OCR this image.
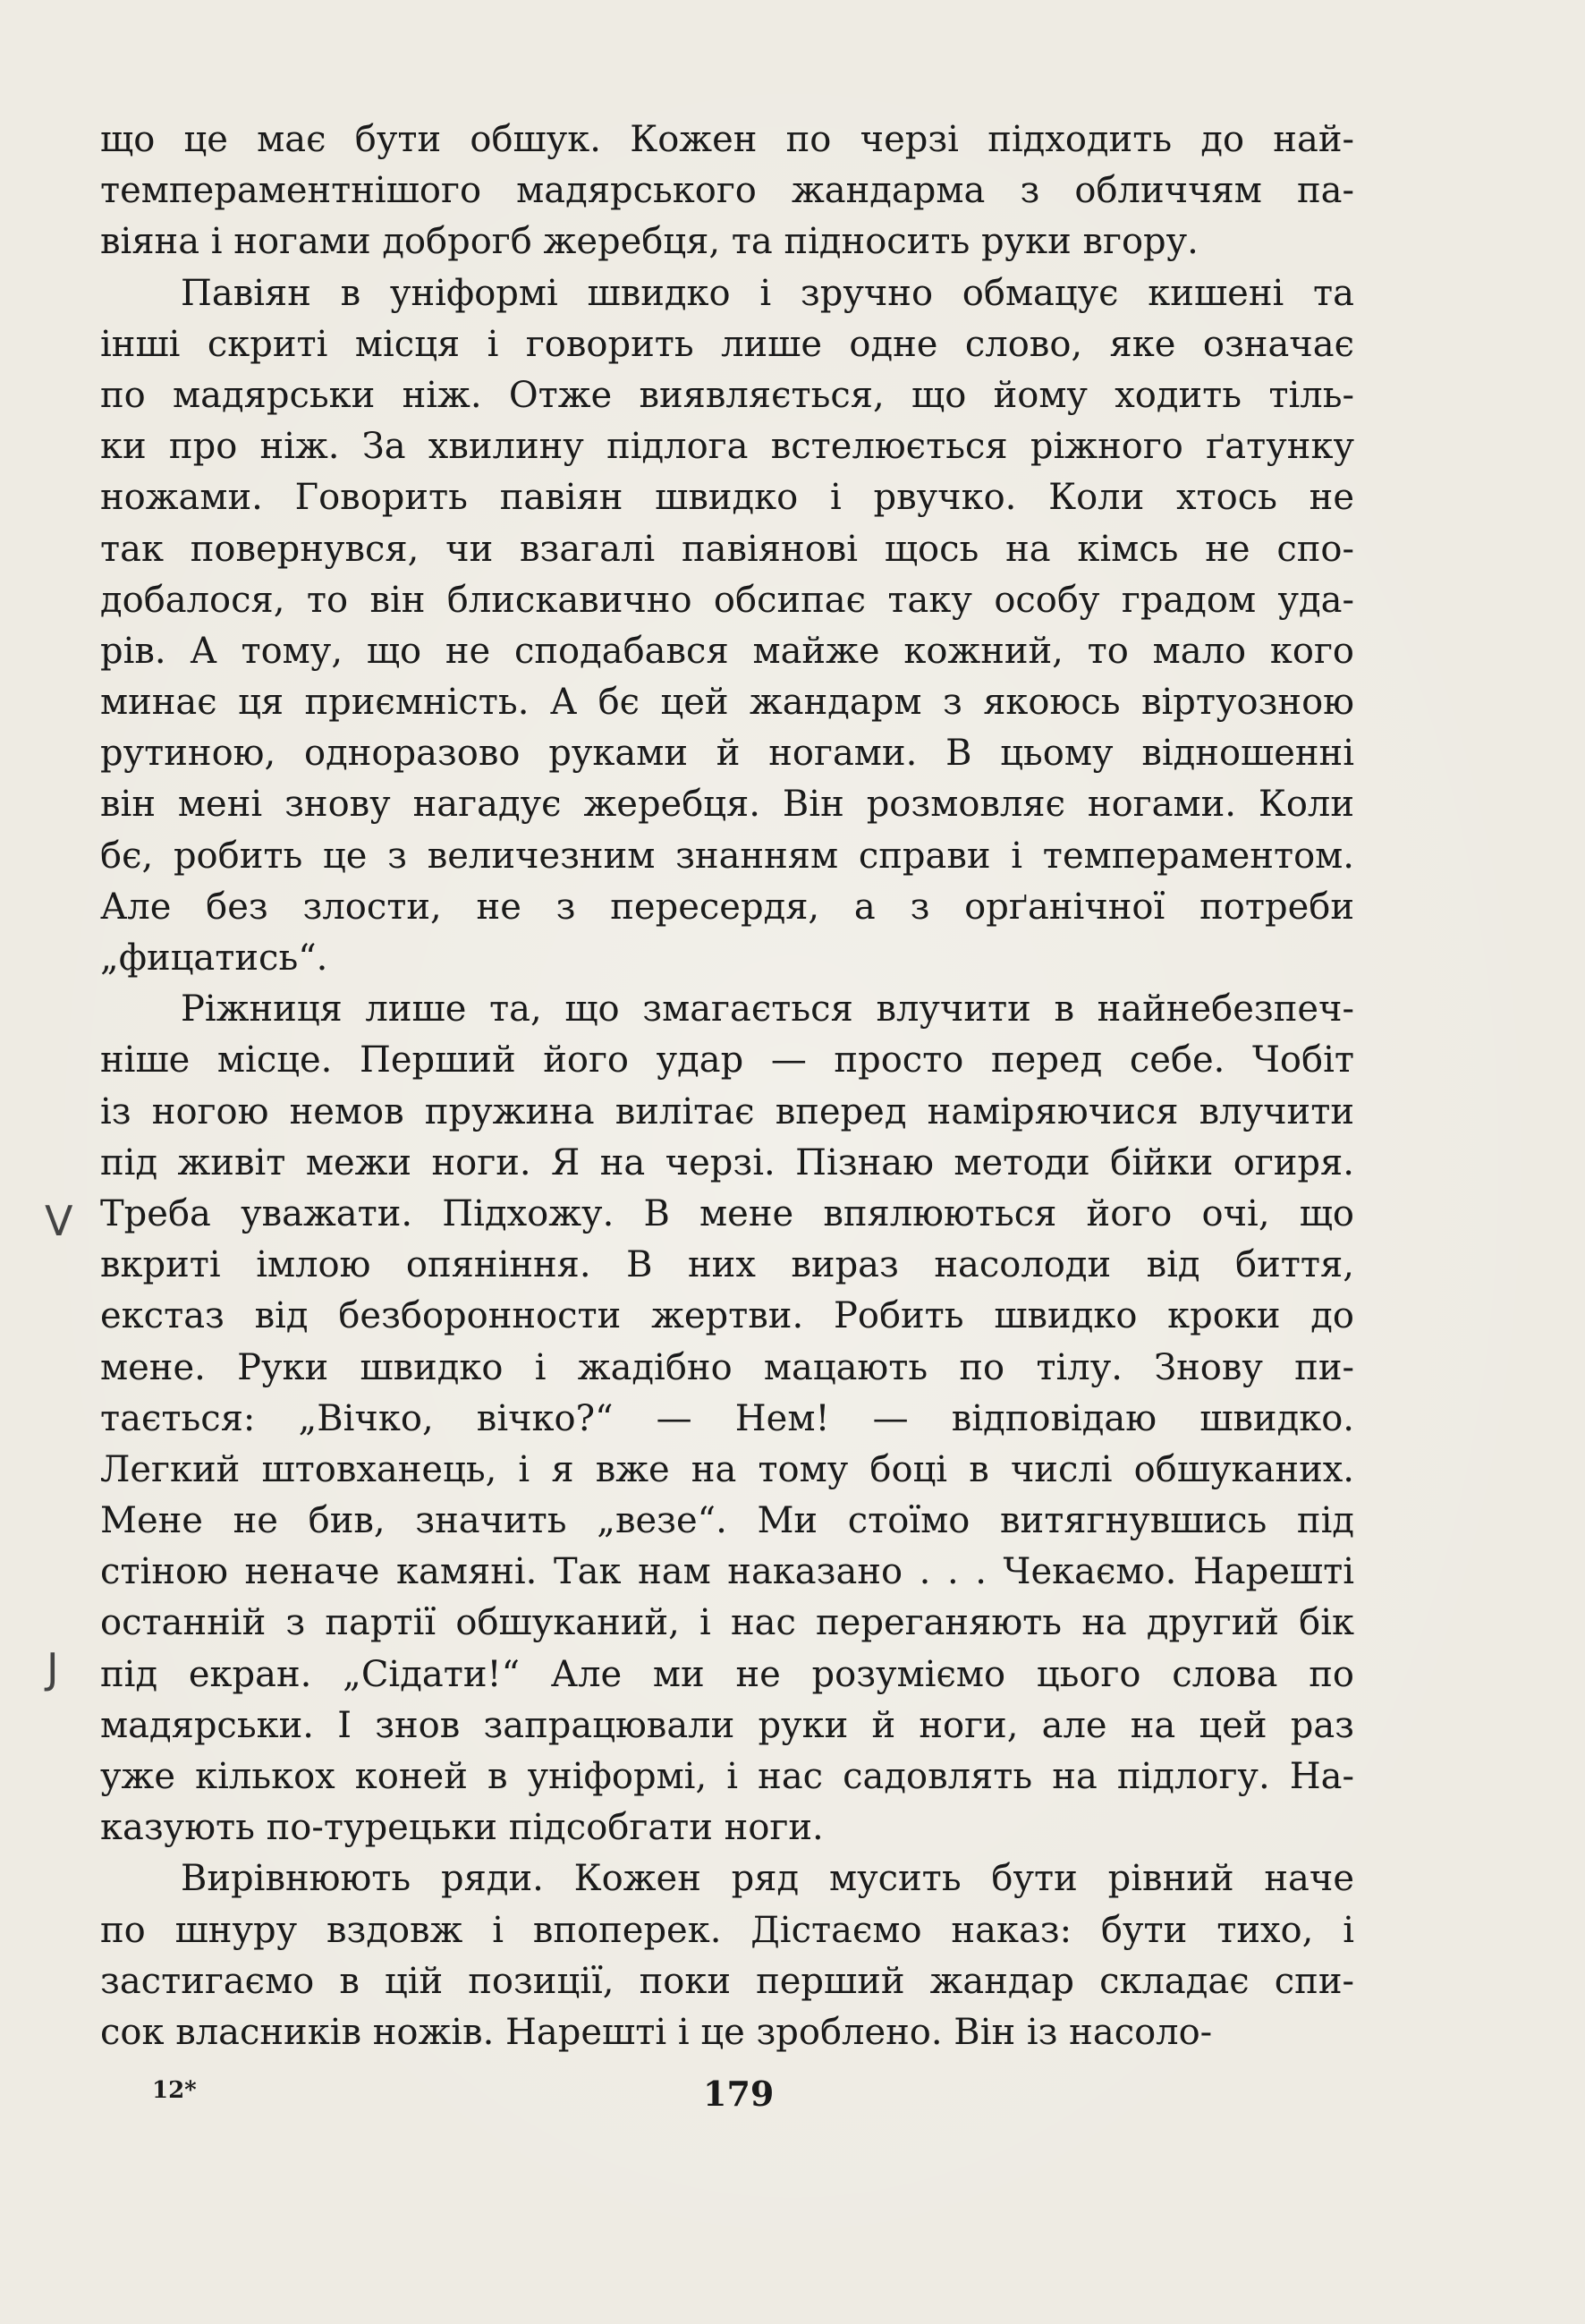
що це має бути обшук. Кожен по черзі підходить до най-
темпераментнішого мадярського жандарма з обличчям па-
віяна і ногами доброгб жеребця, та підносить руки вгору.
Павіян в уніформі швидко і зручно обмацує кишені та
інші скриті місця і говорить лише одне слово, яке означає
по мадярськи ніж. Отже виявляється, що йому ходить тіль-
ки про ніж. За хвилину підлога встелюється ріжного ґатунку
ножами. Говорить павіян швидко і рвучко. Коли хтось не
так повернувся, чи взагалі павіянові щось на кімсь не спо-
добалося, то він блискавично обсипає таку особу градом уда-
рів. А тому, що не сподабався майже кожний, то мало кого
минає ця приємність. А бє цей жандарм з якоюсь віртуозною
рутиною, одноразово руками й ногами. В цьому відношенні
він мені знову нагадує жеребця. Він розмовляє ногами. Коли
бє, робить це з величезним знанням справи і темпераментом.
Але без злости, не з пересердя, а з орґанічної потреби
„фицатись“.
Ріжниця лише та, що змагається влучити в найнебезпеч-
ніше місце. Перший його удар — просто перед себе. Чобіт
із ногою немов пружина вилітає вперед наміряючися влучити
під живіт межи ноги. Я на черзі. Пізнаю методи бійки огиря.
Треба уважати. Підхожу. В мене впялюються його очі, що
вкриті імлою опяніння. В них вираз насолоди від биття,
екстаз від безборонности жертви. Робить швидко кроки до
мене. Руки швидко і жадібно мацають по тілу. Знову пи-
тається: „Вічко, вічко?“ — Нем! — відповідаю швидко.
Легкий штовханець, і я вже на тому боці в числі обшуканих.
Мене не бив, значить „везе“. Ми стоїмо витягнувшись під
стіною неначе камяні. Так нам наказано . . . Чекаємо. Нарешті
останній з партії обшуканий, і нас переганяють на другий бік
під екран. „Сідати!“ Але ми не розуміємо цього слова по
мадярськи. І знов запрацювали руки й ноги, але на цей раз
уже кількох коней в уніформі, і нас садовлять на підлогу. На-
казують по-турецьки підсобгати ноги.
Вирівнюють ряди. Кожен ряд мусить бути рівний наче
по шнуру вздовж і впоперек. Дістаємо наказ: бути тихо, і
застигаємо в цій позиції, поки перший жандар складає спи-
сок власників ножів. Нарешті і це зроблено. Він із насоло-
V
J
12*	179
